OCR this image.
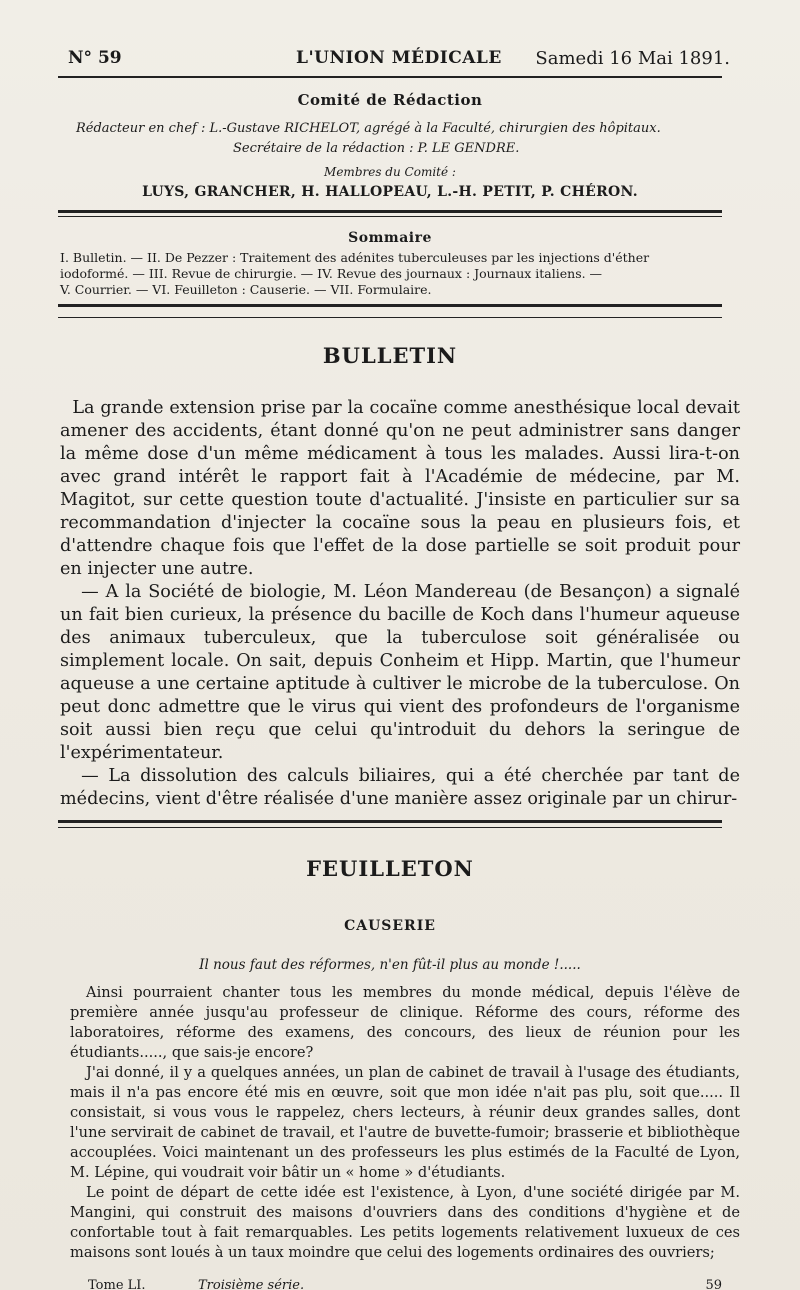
N° 59	L'UNION MÉDICALE Samedi 16 Mai 1891.
Comité de Rédaction
Rédacteur en chef : L.-Gustave RICHELOT, agrégé à la Faculté, chirurgien des hôpitaux.
Secrétaire de la rédaction : P. LE GENDRE.
Membres du Comité :
LUYS, GRANCHER, H. HALLOPEAU, L.-H. PETIT, P. CHÉRON.
Sommaire

I. Bulletin. — II. De Pezzer : Traitement des adénites tuberculeuses par les injections d'éther

iodoformé. — III. Revue de chirurgie. — IV. Revue des journaux : Journaux italiens. —

V. Courrier. — VI. Feuilleton : Causerie. — VII. Formulaire.

BULLETIN

La grande extension prise par la cocaïne comme anesthésique local devait amener des accidents, étant donné qu'on ne peut administrer sans danger la même dose d'un même médicament à tous les malades. Aussi lira-t-on avec grand intérêt le rapport fait à l'Académie de médecine, par M. Magitot, sur cette question toute d'actualité. J'insiste en particulier sur sa recommandation d'injecter la cocaïne sous la peau en plusieurs fois, et d'attendre chaque fois que l'effet de la dose partielle se soit produit pour en injecter une autre.

— A la Société de biologie, M. Léon Mandereau (de Besançon) a signalé un fait bien curieux, la présence du bacille de Koch dans l'humeur aqueuse des animaux tuberculeux, que la tuberculose soit généralisée ou simplement locale. On sait, depuis Conheim et Hipp. Martin, que l'humeur aqueuse a une certaine aptitude à cultiver le microbe de la tuberculose. On peut donc admettre que le virus qui vient des profondeurs de l'organisme soit aussi bien reçu que celui qu'introduit du dehors la seringue de l'expérimentateur.

— La dissolution des calculs biliaires, qui a été cherchée par tant de médecins, vient d'être réalisée d'une manière assez originale par un chirur-

FEUILLETON
CAUSERIE
Il nous faut des réformes, n'en fût-il plus au monde !.....

Ainsi pourraient chanter tous les membres du monde médical, depuis l'élève de première année jusqu'au professeur de clinique. Réforme des cours, réforme des laboratoires, réforme des examens, des concours, des lieux de réunion pour les étudiants....., que sais-je encore?

J'ai donné, il y a quelques années, un plan de cabinet de travail à l'usage des étudiants, mais il n'a pas encore été mis en œuvre, soit que mon idée n'ait pas plu, soit que..... Il consistait, si vous vous le rappelez, chers lecteurs, à réunir deux grandes salles, dont l'une servirait de cabinet de travail, et l'autre de buvette-fumoir; brasserie et bibliothèque accouplées. Voici maintenant un des professeurs les plus estimés de la Faculté de Lyon, M. Lépine, qui voudrait voir bâtir un « home » d'étudiants.

Le point de départ de cette idée est l'existence, à Lyon, d'une société dirigée par M. Mangini, qui construit des maisons d'ouvriers dans des conditions d'hygiène et de confortable tout à fait remarquables. Les petits logements relativement luxueux de ces maisons sont loués à un taux moindre que celui des logements ordinaires des ouvriers;

Tome LI.	Troisième série.	59
